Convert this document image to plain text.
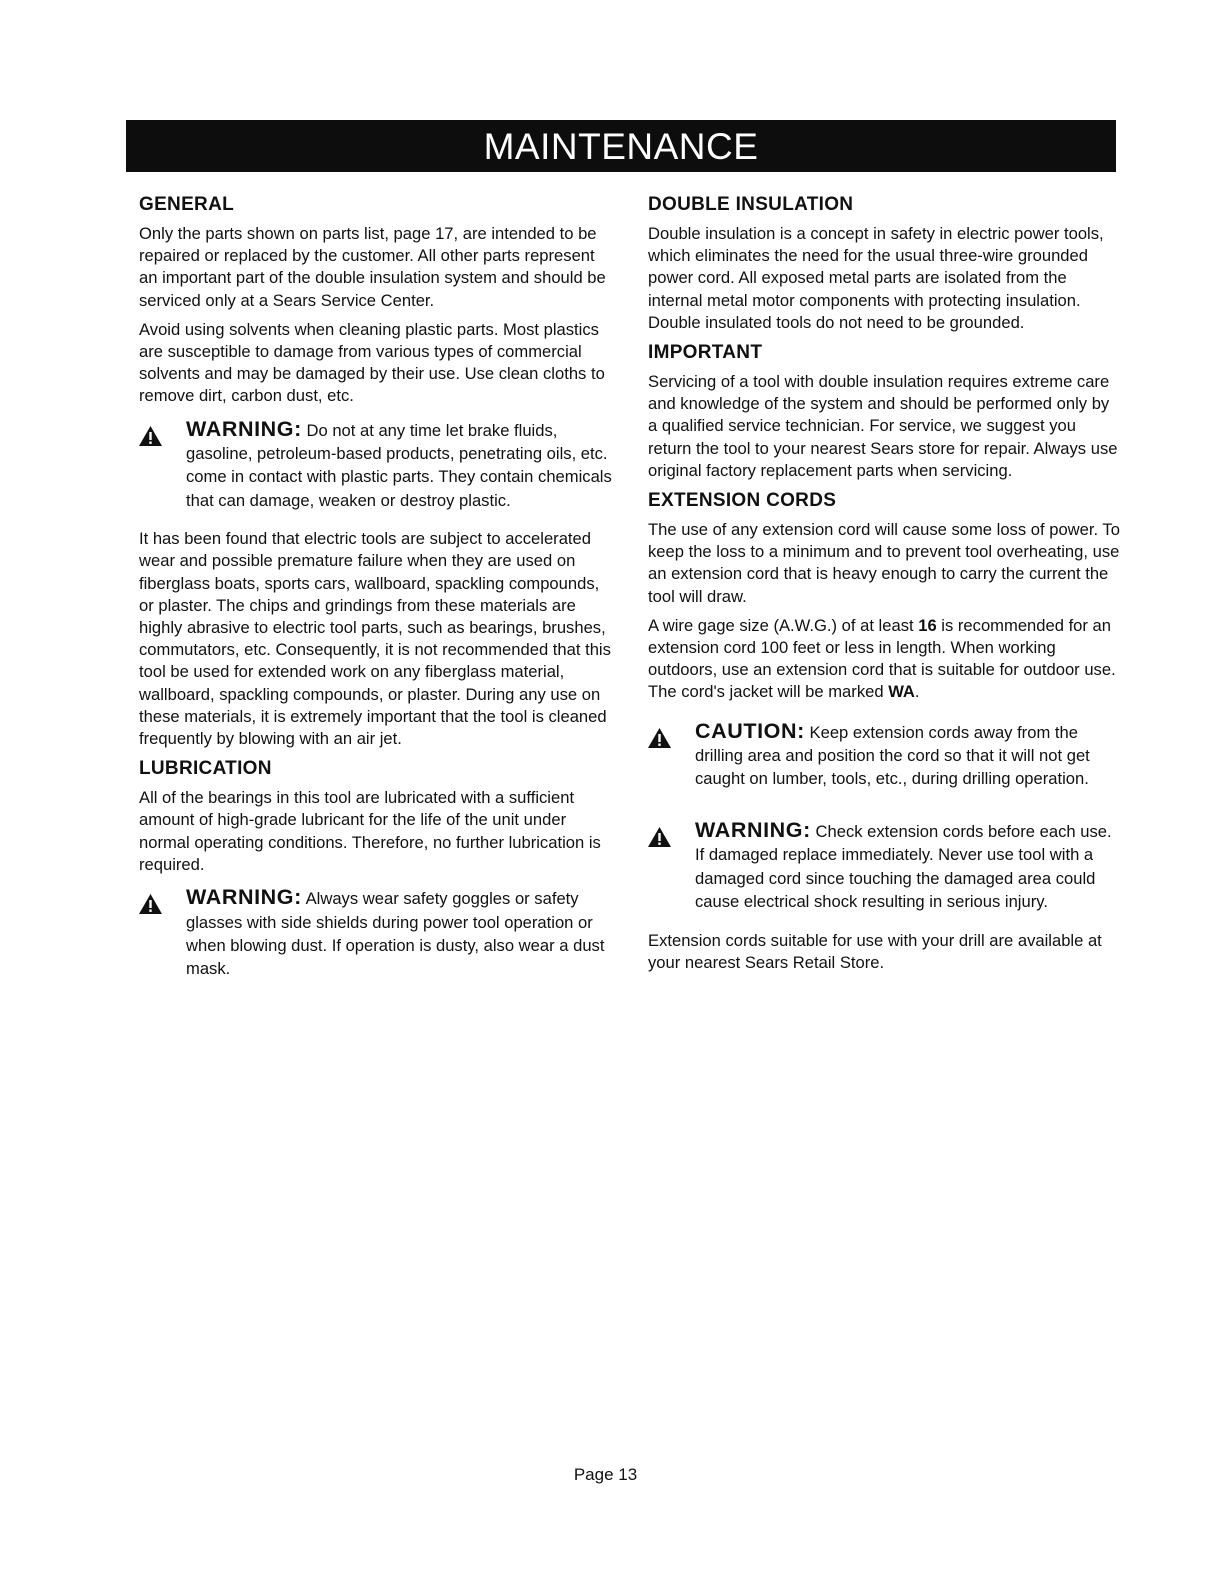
MAINTENANCE
GENERAL

Only the parts shown on parts list, page 17, are intended to be repaired or replaced by the customer. All other parts represent an important part of the double insulation system and should be serviced only at a Sears Service Center.

Avoid using solvents when cleaning plastic parts. Most plastics are susceptible to damage from various types of commercial solvents and may be damaged by their use. Use clean cloths to remove dirt, carbon dust, etc.

WARNING: Do not at any time let brake fluids, gasoline, petroleum-based products, penetrating oils, etc. come in contact with plastic parts. They contain chemicals that can damage, weaken or destroy plastic.

It has been found that electric tools are subject to accelerated wear and possible premature failure when they are used on fiberglass boats, sports cars, wallboard, spackling compounds, or plaster. The chips and grindings from these materials are highly abrasive to electric tool parts, such as bearings, brushes, commutators, etc. Consequently, it is not recommended that this tool be used for extended work on any fiberglass material, wallboard, spackling compounds, or plaster. During any use on these materials, it is extremely important that the tool is cleaned frequently by blowing with an air jet.

LUBRICATION

All of the bearings in this tool are lubricated with a sufficient amount of high-grade lubricant for the life of the unit under normal operating conditions. Therefore, no further lubrication is required.

WARNING: Always wear safety goggles or safety glasses with side shields during power tool operation or when blowing dust. If operation is dusty, also wear a dust mask.
DOUBLE INSULATION

Double insulation is a concept in safety in electric power tools, which eliminates the need for the usual three-wire grounded power cord. All exposed metal parts are isolated from the internal metal motor components with protecting insulation. Double insulated tools do not need to be grounded.

IMPORTANT

Servicing of a tool with double insulation requires extreme care and knowledge of the system and should be performed only by a qualified service technician. For service, we suggest you return the tool to your nearest Sears store for repair. Always use original factory replacement parts when servicing.

EXTENSION CORDS

The use of any extension cord will cause some loss of power. To keep the loss to a minimum and to prevent tool overheating, use an extension cord that is heavy enough to carry the current the tool will draw.

A wire gage size (A.W.G.) of at least 16 is recommended for an extension cord 100 feet or less in length. When working outdoors, use an extension cord that is suitable for outdoor use. The cord's jacket will be marked WA.

CAUTION: Keep extension cords away from the drilling area and position the cord so that it will not get caught on lumber, tools, etc., during drilling operation.
WARNING: Check extension cords before each use. If damaged replace immediately. Never use tool with a damaged cord since touching the damaged area could cause electrical shock resulting in serious injury.

Extension cords suitable for use with your drill are available at your nearest Sears Retail Store.

Page 13
